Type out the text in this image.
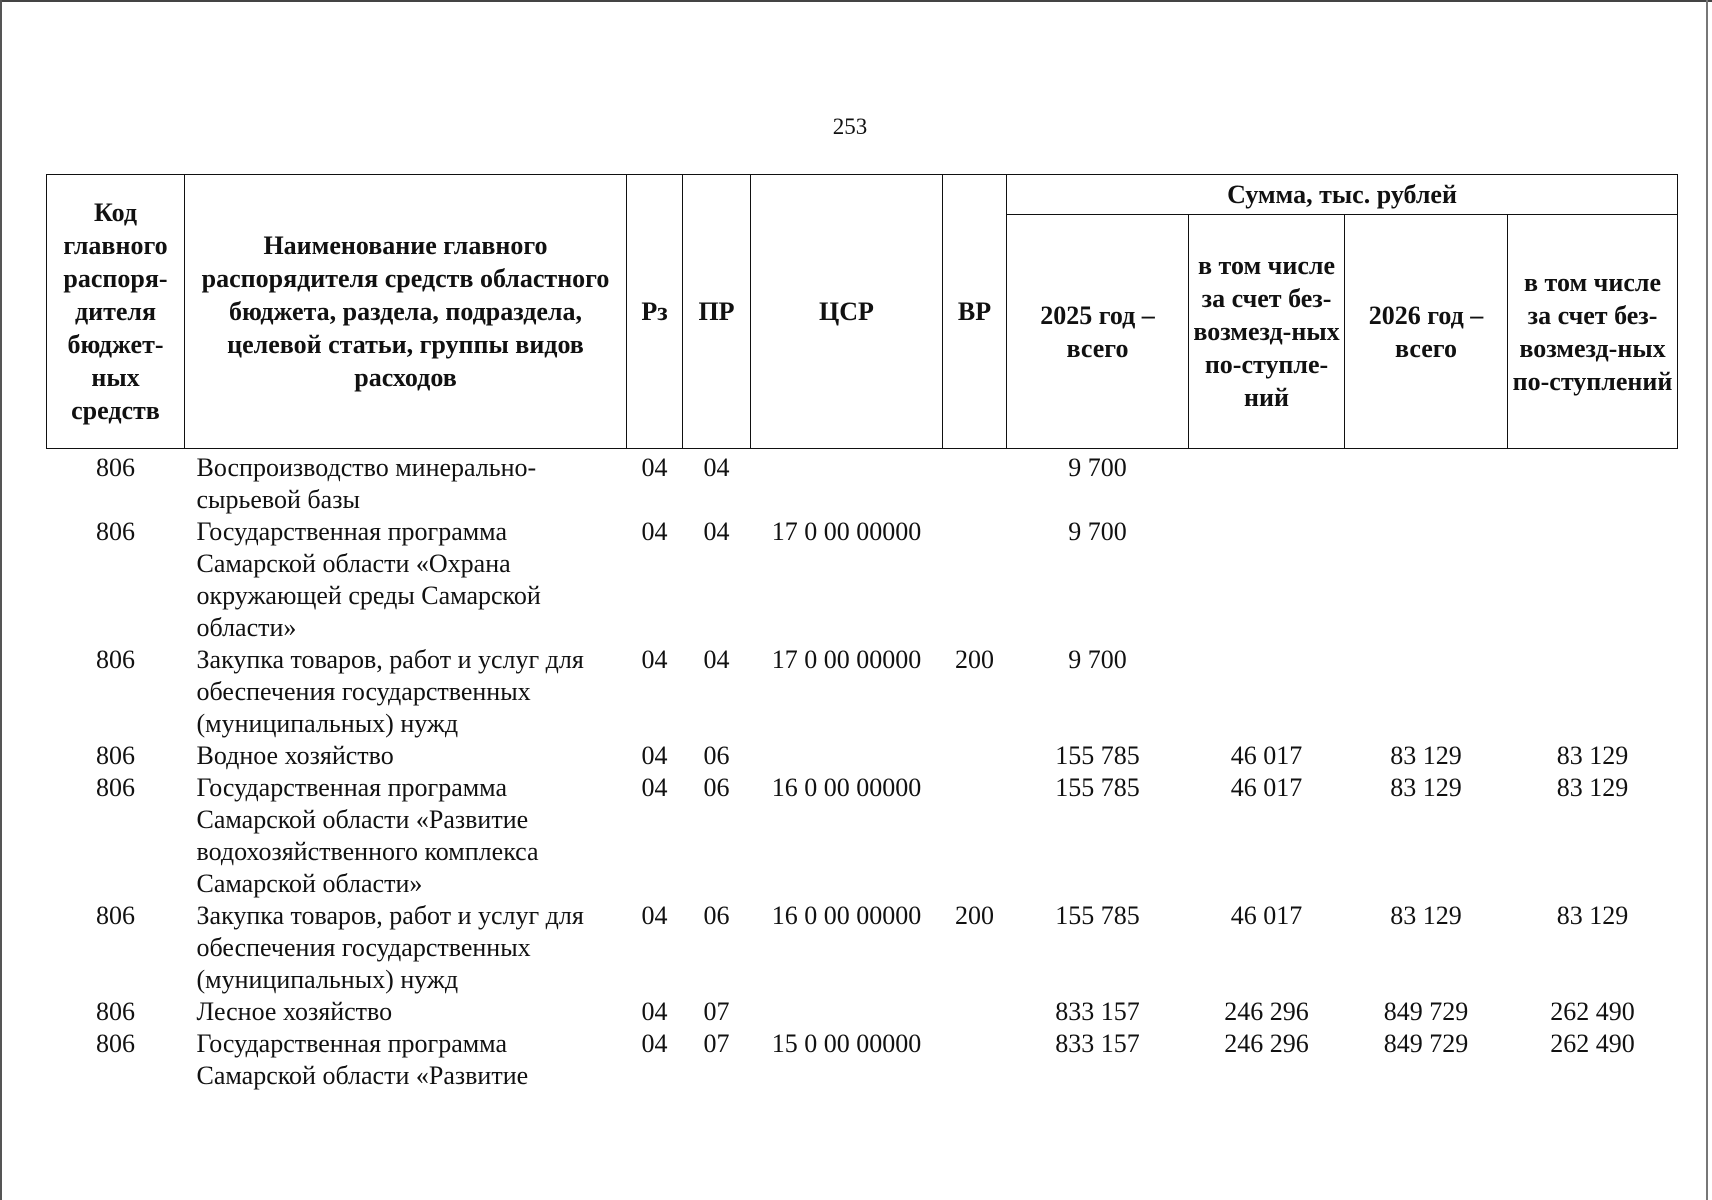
253
Код главного распоря-дителя бюджет-ных средств	Наименование главного распорядителя средств областного бюджета, раздела, подраздела, целевой статьи, группы видов расходов	Рз	ПР	ЦСР	ВР	Сумма, тыс. рублей			
						2025 год – всего	в том числе за счет без-возмезд-ных по-ступле-ний	2026 год – всего	в том числе за счет без-возмезд-ных по-ступлений
806	Воспроизводство минерально-сырьевой базы	04	04			9 700			
806	Государственная программа Самарской области «Охрана окружающей среды Самарской области»	04	04	17 0 00 00000		9 700			
806	Закупка товаров, работ и услуг для обеспечения государственных (муниципальных) нужд	04	04	17 0 00 00000	200	9 700			
806	Водное хозяйство	04	06			155 785	46 017	83 129	83 129
806	Государственная программа Самарской области «Развитие водохозяйственного комплекса Самарской области»	04	06	16 0 00 00000		155 785	46 017	83 129	83 129
806	Закупка товаров, работ и услуг для обеспечения государственных (муниципальных) нужд	04	06	16 0 00 00000	200	155 785	46 017	83 129	83 129
806	Лесное хозяйство	04	07			833 157	246 296	849 729	262 490
806	Государственная программа Самарской области «Развитие	04	07	15 0 00 00000		833 157	246 296	849 729	262 490
